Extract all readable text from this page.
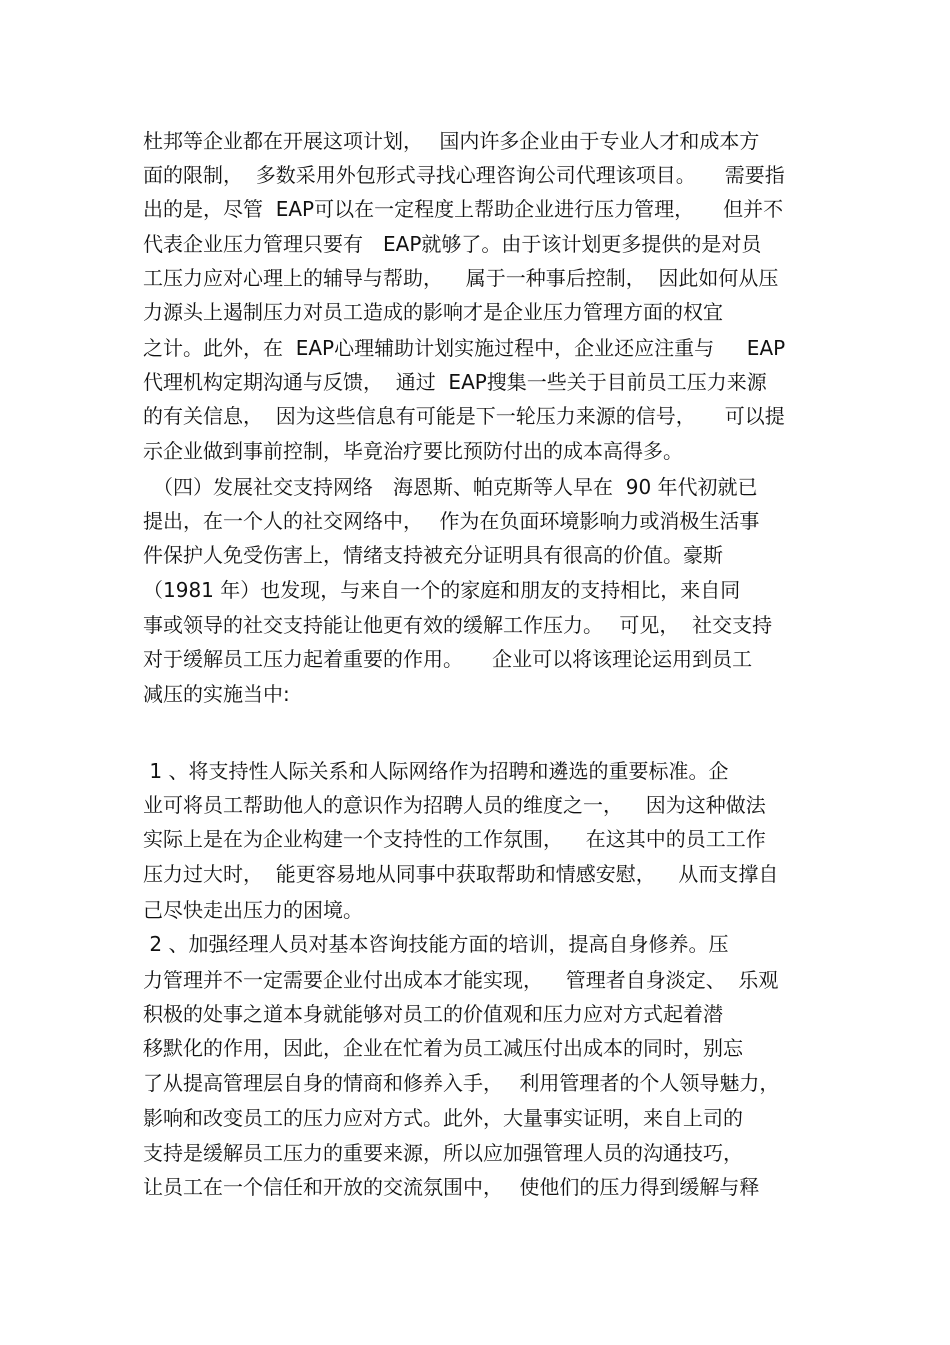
杜邦等企业都在开展这项计划，　 国内许多企业由于专业人才和成本方
面的限制，  多数采用外包形式寻找心理咨询公司代理该项目。　   需要指
出的是，尽管  EAP可以在一定程度上帮助企业进行压力管理，　   但并不
代表企业压力管理只要有　EAP就够了。由于该计划更多提供的是对员
工压力应对心理上的辅导与帮助，　  属于一种事后控制，  因此如何从压
力源头上遏制压力对员工造成的影响才是企业压力管理方面的权宜
之计。此外，在  EAP心理辅助计划实施过程中，企业还应注重与　  EAP
代理机构定期沟通与反馈，  通过  EAP搜集一些关于目前员工压力来源
的有关信息，  因为这些信息有可能是下一轮压力来源的信号，　   可以提
示企业做到事前控制，毕竟治疗要比预防付出的成本高得多。
　（四）发展社交支持网络　海恩斯、帕克斯等人早在  90 年代初就已
提出，在一个人的社交网络中，　 作为在负面环境影响力或消极生活事
件保护人免受伤害上，情绪支持被充分证明具有很高的价值。豪斯
（1981 年）也发现，与来自一个的家庭和朋友的支持相比，来自同
事或领导的社交支持能让他更有效的缓解工作压力。　 可见，  社交支持
对于缓解员工压力起着重要的作用。　   企业可以将该理论运用到员工
减压的实施当中:
1 、将支持性人际关系和人际网络作为招聘和遴选的重要标准。企
业可将员工帮助他人的意识作为招聘人员的维度之一，　  因为这种做法
实际上是在为企业构建一个支持性的工作氛围，　  在这其中的员工工作
压力过大时，  能更容易地从同事中获取帮助和情感安慰，　  从而支撑自
己尽快走出压力的困境。
2 、加强经理人员对基本咨询技能方面的培训，提高自身修养。压
力管理并不一定需要企业付出成本才能实现，　  管理者自身淡定、  乐观
积极的处事之道本身就能够对员工的价值观和压力应对方式起着潜
移默化的作用，因此，企业在忙着为员工减压付出成本的同时，别忘
了从提高管理层自身的情商和修养入手，　 利用管理者的个人领导魅力，
影响和改变员工的压力应对方式。此外，大量事实证明，来自上司的
支持是缓解员工压力的重要来源，所以应加强管理人员的沟通技巧，
让员工在一个信任和开放的交流氛围中，　 使他们的压力得到缓解与释
